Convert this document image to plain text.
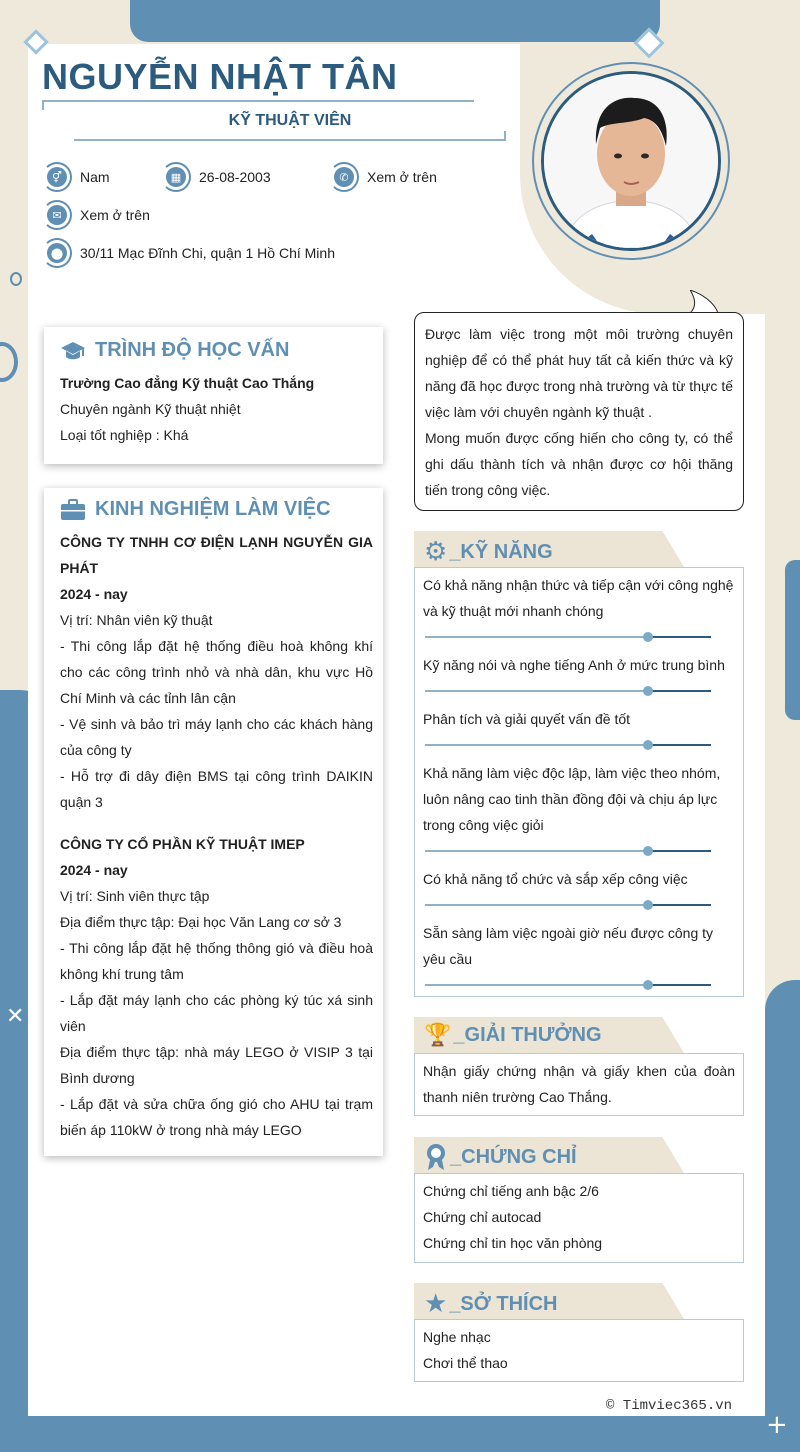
✕
+
NGUYỄN NHẬT TÂN
KỸ THUẬT VIÊN
⚥	Nam	▦	26-08-2003	✆	Xem ở trên
✉	Xem ở trên
⬤ 30/11 Mạc Đĩnh Chi, quận 1 Hồ Chí Minh
Được làm việc trong một môi trường chuyên nghiệp để có thể phát huy tất cả kiến thức và kỹ năng đã học được trong nhà trường và từ thực tế việc làm với chuyên ngành kỹ thuật .
Mong muốn được cống hiến cho công ty, có thể ghi dấu thành tích và nhận được cơ hội thăng tiến trong công việc.
TRÌNH ĐỘ HỌC VẤN
Trường Cao đẳng Kỹ thuật Cao Thắng
Chuyên ngành Kỹ thuật nhiệt
Loại tốt nghiệp : Khá
KINH NGHIỆM LÀM VIỆC
CÔNG TY TNHH CƠ ĐIỆN LẠNH NGUYỄN GIA PHÁT
2024 - nay
Vị trí: Nhân viên kỹ thuật
- Thi công lắp đặt hệ thống điều hoà không khí cho các công trình nhỏ và nhà dân, khu vực Hồ Chí Minh và các tỉnh lân cận
- Vệ sinh và bảo trì máy lạnh cho các khách hàng của công ty
- Hỗ trợ đi dây điện BMS tại công trình DAIKIN quận 3
CÔNG TY CỔ PHẦN KỸ THUẬT IMEP
2024 - nay
Vị trí: Sinh viên thực tập
Địa điểm thực tập: Đại học Văn Lang cơ sở 3
- Thi công lắp đặt hệ thống thông gió và điều hoà không khí trung tâm
- Lắp đặt máy lạnh cho các phòng ký túc xá sinh viên
Địa điểm thực tập: nhà máy LEGO ở VISIP 3 tại Bình dương
- Lắp đặt và sửa chữa ống gió cho AHU tại trạm biến áp 110kW ở trong nhà máy LEGO
⚙ _KỸ NĂNG
Có khả năng nhận thức và tiếp cận với công nghệ và kỹ thuật mới nhanh chóng
Kỹ năng nói và nghe tiếng Anh ở mức trung bình
Phân tích và giải quyết vấn đề tốt
Khả năng làm việc độc lập, làm việc theo nhóm, luôn nâng cao tinh thần đồng đội và chịu áp lực trong công việc giỏi
Có khả năng tổ chức và sắp xếp công việc
Sẵn sàng làm việc ngoài giờ nếu được công ty yêu cầu
🏆 _GIẢI THƯỞNG
Nhận giấy chứng nhận và giấy khen của đoàn thanh niên trường Cao Thắng.
_CHỨNG CHỈ
Chứng chỉ tiếng anh bậc 2/6
Chứng chỉ autocad
Chứng chỉ tin học văn phòng
★ _SỞ THÍCH
Nghe nhạc
Chơi thể thao
© Timviec365.vn
